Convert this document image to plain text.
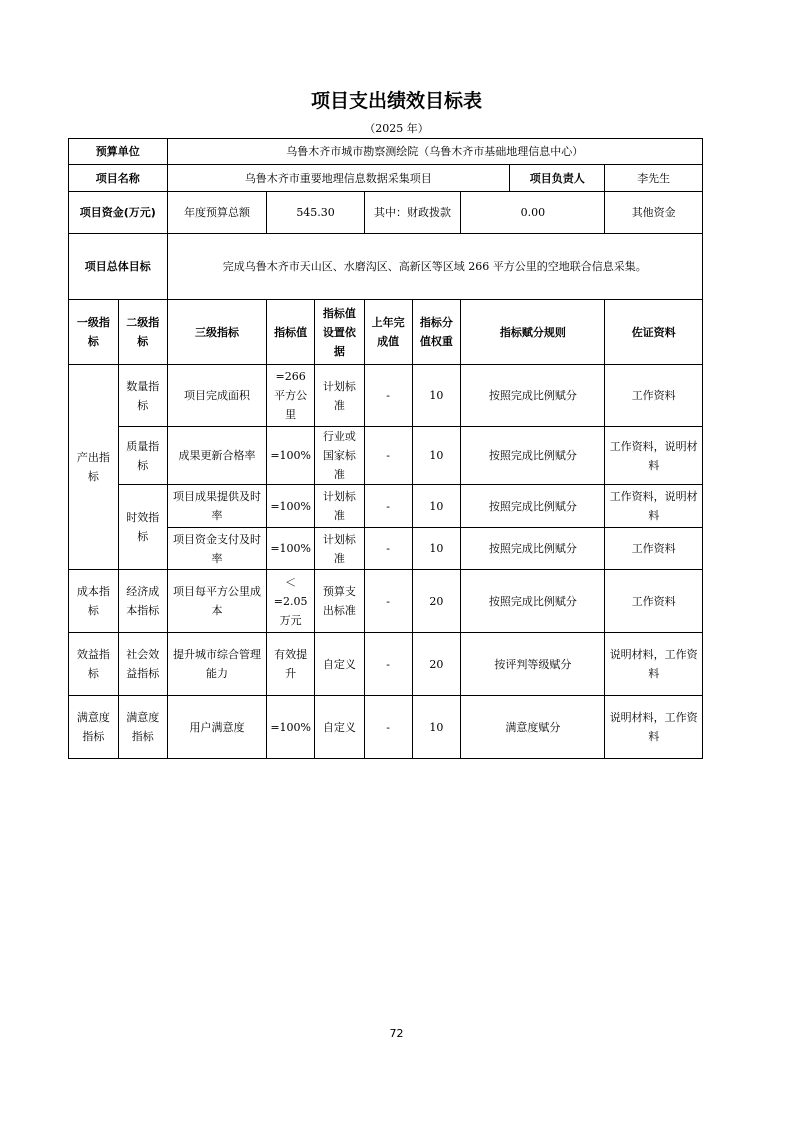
项目支出绩效目标表
（2025 年）
预算单位		乌鲁木齐市城市勘察测绘院（乌鲁木齐市基础地理信息中心）							
项目名称		乌鲁木齐市重要地理信息数据采集项目						项目负责人	李先生
项目资金(万元)		年度预算总额	545.30		其中：财政拨款		0.00		其他资金
项目总体目标		完成乌鲁木齐市天山区、水磨沟区、高新区等区域 266 平方公里的空地联合信息采集。							
一级指标	二级指标	三级指标	指标值	指标值设置依据	上年完成值	指标分值权重	指标赋分规则		佐证资料
产出指标	数量指标	项目完成面积	=266平方公里	计划标准	-	10	按照完成比例赋分		工作资料
	质量指标	成果更新合格率	=100%	行业或国家标准	-	10	按照完成比例赋分		工作资料，说明材料
	时效指标	项目成果提供及时率	=100%	计划标准	-	10	按照完成比例赋分		工作资料，说明材料
		项目资金支付及时率	=100%	计划标准	-	10	按照完成比例赋分		工作资料
成本指标	经济成本指标	项目每平方公里成本	＜=2.05万元	预算支出标准	-	20	按照完成比例赋分		工作资料
效益指标	社会效益指标	提升城市综合管理能力	有效提升	自定义	-	20	按评判等级赋分		说明材料，工作资料
满意度指标	满意度指标	用户满意度	=100%	自定义	-	10	满意度赋分		说明材料，工作资料
72
